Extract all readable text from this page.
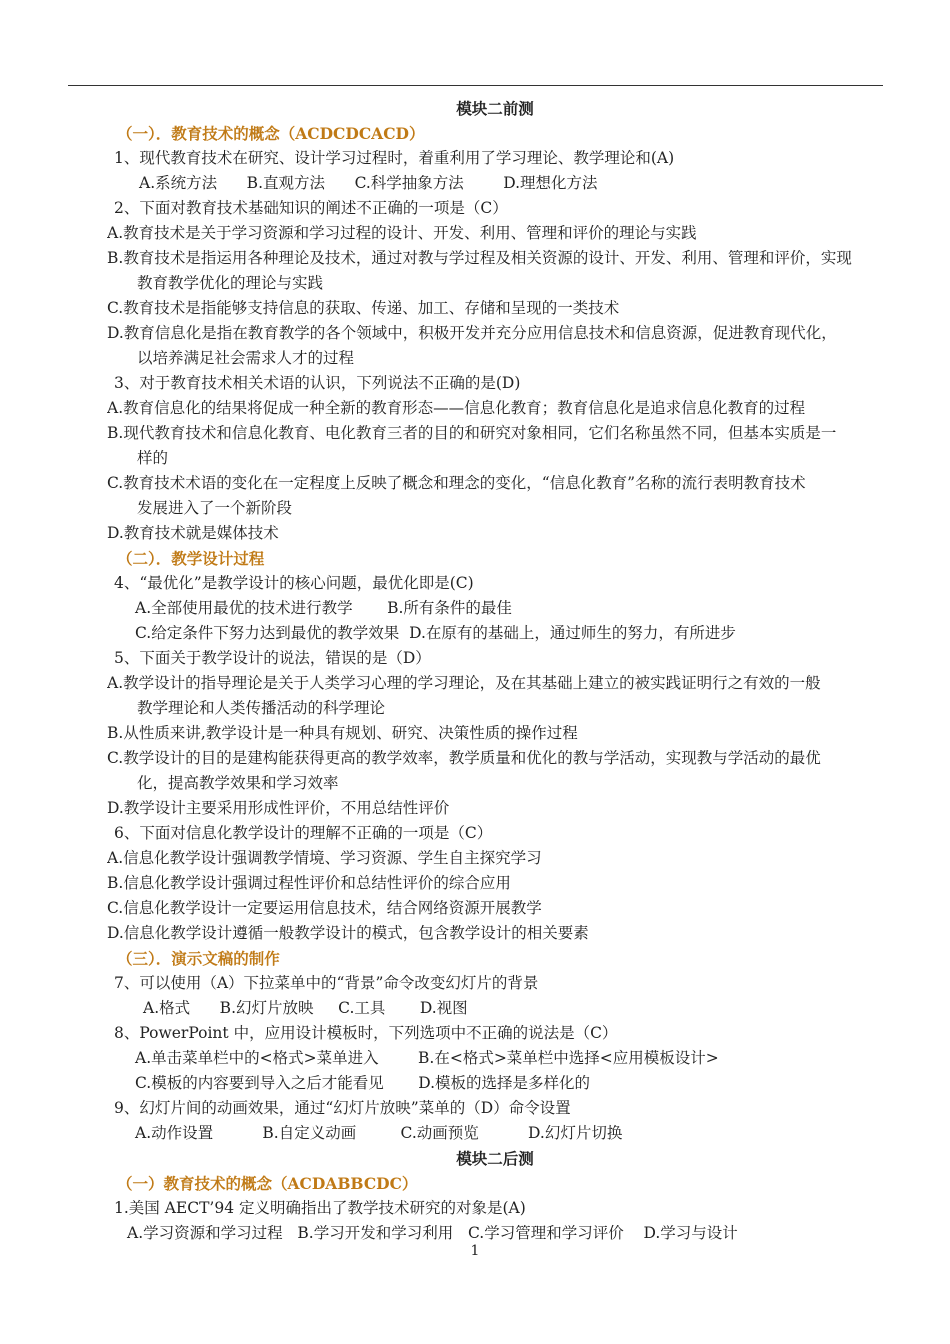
模块二前测
（一）．教育技术的概念（ACDCDCACD）
1、现代教育技术在研究、设计学习过程时，着重利用了学习理论、教学理论和(A)
A.系统方法      B.直观方法      C.科学抽象方法        D.理想化方法
2、下面对教育技术基础知识的阐述不正确的一项是（C）
A.教育技术是关于学习资源和学习过程的设计、开发、利用、管理和评价的理论与实践
B.教育技术是指运用各种理论及技术，通过对教与学过程及相关资源的设计、开发、利用、管理和评价，实现
教育教学优化的理论与实践
C.教育技术是指能够支持信息的获取、传递、加工、存储和呈现的一类技术
D.教育信息化是指在教育教学的各个领域中，积极开发并充分应用信息技术和信息资源，促进教育现代化，
以培养满足社会需求人才的过程
3、对于教育技术相关术语的认识，下列说法不正确的是(D)
A.教育信息化的结果将促成一种全新的教育形态——信息化教育；教育信息化是追求信息化教育的过程
B.现代教育技术和信息化教育、电化教育三者的目的和研究对象相同，它们名称虽然不同，但基本实质是一
样的
C.教育技术术语的变化在一定程度上反映了概念和理念的变化，“信息化教育”名称的流行表明教育技术
发展进入了一个新阶段
D.教育技术就是媒体技术
（二）．教学设计过程
4、“最优化”是教学设计的核心问题，最优化即是(C)
A.全部使用最优的技术进行教学       B.所有条件的最佳
C.给定条件下努力达到最优的教学效果  D.在原有的基础上，通过师生的努力，有所进步
5、下面关于教学设计的说法，错误的是（D）
A.教学设计的指导理论是关于人类学习心理的学习理论，及在其基础上建立的被实践证明行之有效的一般
教学理论和人类传播活动的科学理论
B.从性质来讲,教学设计是一种具有规划、研究、决策性质的操作过程
C.教学设计的目的是建构能获得更高的教学效率，教学质量和优化的教与学活动，实现教与学活动的最优
化，提高教学效果和学习效率
D.教学设计主要采用形成性评价，不用总结性评价
6、下面对信息化教学设计的理解不正确的一项是（C）
A.信息化教学设计强调教学情境、学习资源、学生自主探究学习
B.信息化教学设计强调过程性评价和总结性评价的综合应用
C.信息化教学设计一定要运用信息技术，结合网络资源开展教学
D.信息化教学设计遵循一般教学设计的模式，包含教学设计的相关要素
（三）．演示文稿的制作
7、可以使用（A）下拉菜单中的“背景”命令改变幻灯片的背景
A.格式      B.幻灯片放映     C.工具       D.视图
8、PowerPoint 中，应用设计模板时，下列选项中不正确的说法是（C）
A.单击菜单栏中的<格式>菜单进入        B.在<格式>菜单栏中选择<应用模板设计>
C.模板的内容要到导入之后才能看见       D.模板的选择是多样化的
9、幻灯片间的动画效果，通过“幻灯片放映”菜单的（D）命令设置
A.动作设置          B.自定义动画         C.动画预览          D.幻灯片切换
模块二后测
（一）教育技术的概念（ACDABBCDC）
1.美国 AECT’94 定义明确指出了教学技术研究的对象是(A)
A.学习资源和学习过程   B.学习开发和学习利用   C.学习管理和学习评价    D.学习与设计
1
